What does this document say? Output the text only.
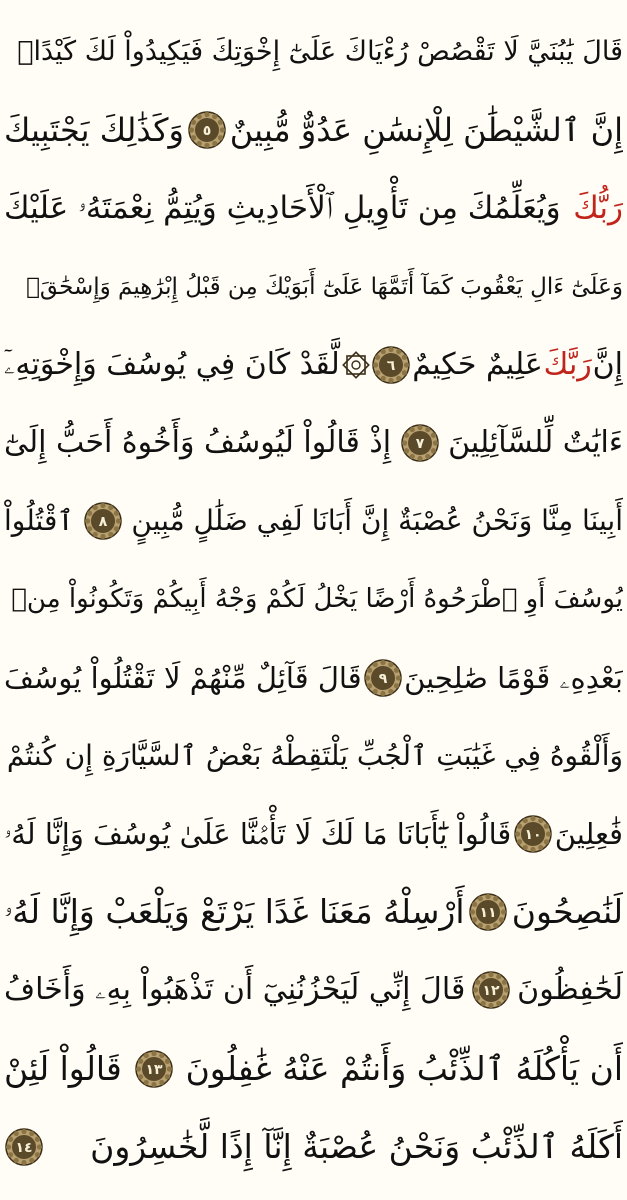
قَالَ يَٰبُنَيَّ لَا تَقْصُصْ رُءْيَاكَ عَلَىٰٓ إِخْوَتِكَ فَيَكِيدُواْ لَكَ كَيْدًاۖ
إِنَّ ٱلشَّيْطَٰنَ لِلْإِنسَٰنِ عَدُوٌّ مُّبِينٌ
٥
وَكَذَٰلِكَ يَجْتَبِيكَ
رَبُّكَ
وَيُعَلِّمُكَ مِن تَأْوِيلِ ٱلْأَحَادِيثِ وَيُتِمُّ نِعْمَتَهُۥ عَلَيْكَ
وَعَلَىٰٓ ءَالِ يَعْقُوبَ كَمَآ أَتَمَّهَا عَلَىٰٓ أَبَوَيْكَ مِن قَبْلُ إِبْرَٰهِيمَ وَإِسْحَٰقَۚ
إِنَّ
رَبَّكَ
عَلِيمٌ حَكِيمٌ
٦
لَّقَدْ كَانَ فِي يُوسُفَ وَإِخْوَتِهِۦٓ
ءَايَٰتٌ لِّلسَّآئِلِينَ
٧
إِذْ قَالُواْ لَيُوسُفُ وَأَخُوهُ أَحَبُّ إِلَىٰٓ
أَبِينَا مِنَّا وَنَحْنُ عُصْبَةٌ إِنَّ أَبَانَا لَفِي ضَلَٰلٍ مُّبِينٍ
٨
ٱقْتُلُواْ
يُوسُفَ أَوِ ٱطْرَحُوهُ أَرْضًا يَخْلُ لَكُمْ وَجْهُ أَبِيكُمْ وَتَكُونُواْ مِنۢ
بَعْدِهِۦ قَوْمًا صَٰلِحِينَ
٩
قَالَ قَآئِلٌ مِّنْهُمْ لَا تَقْتُلُواْ يُوسُفَ
وَأَلْقُوهُ فِي غَيَٰبَتِ ٱلْجُبِّ يَلْتَقِطْهُ بَعْضُ ٱلسَّيَّارَةِ إِن كُنتُمْ
فَٰعِلِينَ
١٠
قَالُواْ يَٰٓأَبَانَا مَا لَكَ لَا تَأْمَ۫نَّا عَلَىٰ يُوسُفَ وَإِنَّا لَهُۥ
لَنَٰصِحُونَ
١١
أَرْسِلْهُ مَعَنَا غَدًا يَرْتَعْ وَيَلْعَبْ وَإِنَّا لَهُۥ
لَحَٰفِظُونَ
١٢
قَالَ إِنِّي لَيَحْزُنُنِيٓ أَن تَذْهَبُواْ بِهِۦ وَأَخَافُ
أَن يَأْكُلَهُ ٱلذِّئْبُ وَأَنتُمْ عَنْهُ غَٰفِلُونَ
١٣
قَالُواْ لَئِنْ
أَكَلَهُ ٱلذِّئْبُ وَنَحْنُ عُصْبَةٌ إِنَّآ إِذًا لَّخَٰسِرُونَ
١٤
